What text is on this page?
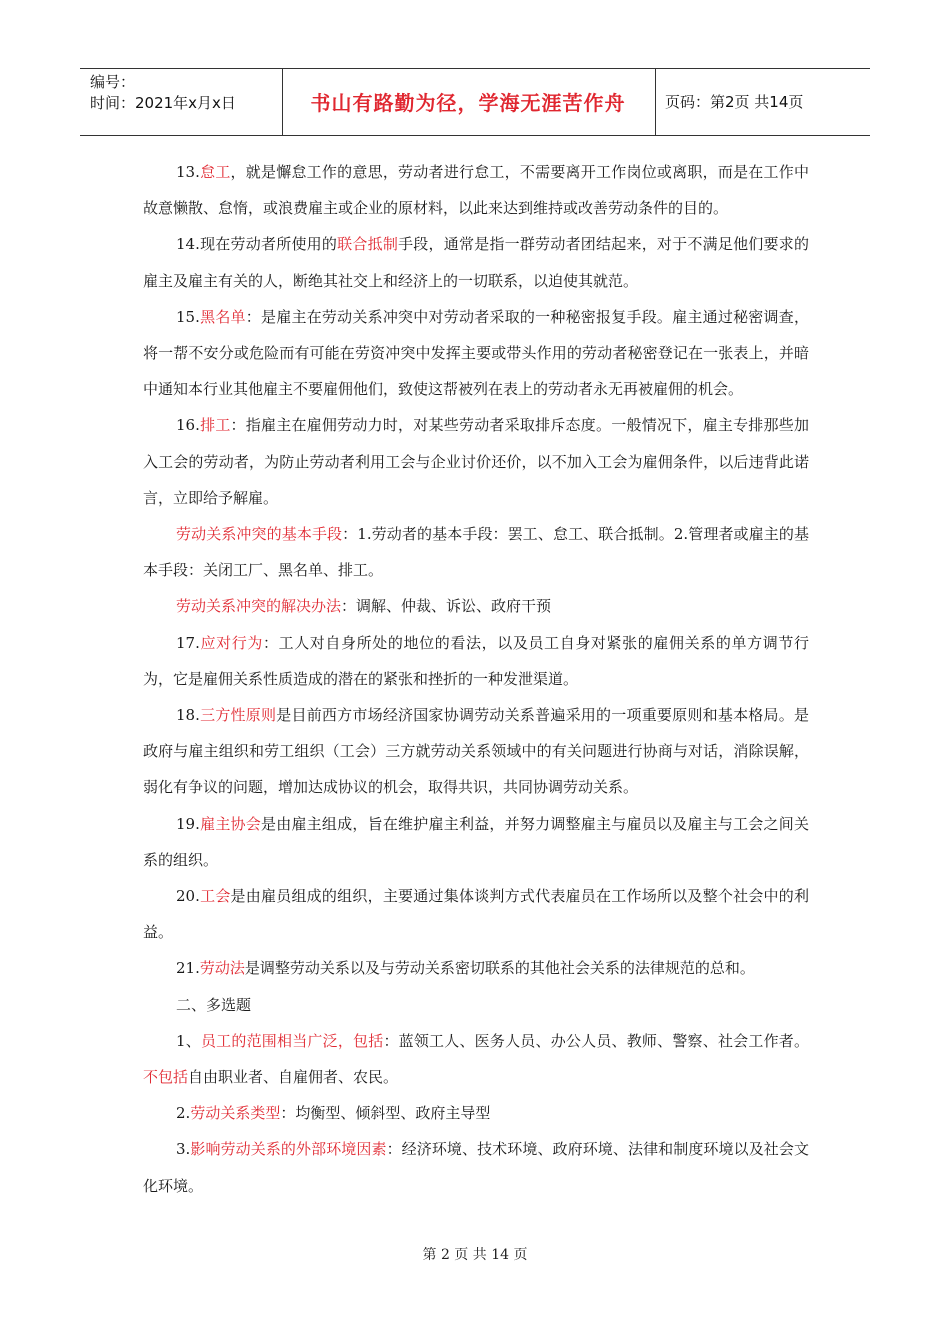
编号：
时间：2021年x月x日	书山有路勤为径，学海无涯苦作舟	页码：第2页 共14页

13.怠工，就是懈怠工作的意思，劳动者进行怠工，不需要离开工作岗位或离职，而是在工作中故意懒散、怠惰，或浪费雇主或企业的原材料，以此来达到维持或改善劳动条件的目的。

14.现在劳动者所使用的联合抵制手段，通常是指一群劳动者团结起来，对于不满足他们要求的雇主及雇主有关的人，断绝其社交上和经济上的一切联系，以迫使其就范。

15.黑名单：是雇主在劳动关系冲突中对劳动者采取的一种秘密报复手段。雇主通过秘密调查，将一帮不安分或危险而有可能在劳资冲突中发挥主要或带头作用的劳动者秘密登记在一张表上，并暗中通知本行业其他雇主不要雇佣他们，致使这帮被列在表上的劳动者永无再被雇佣的机会。

16.排工：指雇主在雇佣劳动力时，对某些劳动者采取排斥态度。一般情况下，雇主专排那些加入工会的劳动者，为防止劳动者利用工会与企业讨价还价，以不加入工会为雇佣条件，以后违背此诺言，立即给予解雇。

劳动关系冲突的基本手段：1.劳动者的基本手段：罢工、怠工、联合抵制。2.管理者或雇主的基本手段：关闭工厂、黑名单、排工。

劳动关系冲突的解决办法：调解、仲裁、诉讼、政府干预

17.应对行为：工人对自身所处的地位的看法，以及员工自身对紧张的雇佣关系的单方调节行为，它是雇佣关系性质造成的潜在的紧张和挫折的一种发泄渠道。

18.三方性原则是目前西方市场经济国家协调劳动关系普遍采用的一项重要原则和基本格局。是政府与雇主组织和劳工组织（工会）三方就劳动关系领域中的有关问题进行协商与对话，消除误解，弱化有争议的问题，增加达成协议的机会，取得共识，共同协调劳动关系。

19.雇主协会是由雇主组成，旨在维护雇主利益，并努力调整雇主与雇员以及雇主与工会之间关系的组织。

20.工会是由雇员组成的组织，主要通过集体谈判方式代表雇员在工作场所以及整个社会中的利益。

21.劳动法是调整劳动关系以及与劳动关系密切联系的其他社会关系的法律规范的总和。

二、多选题

1、员工的范围相当广泛，包括：蓝领工人、医务人员、办公人员、教师、警察、社会工作者。不包括自由职业者、自雇佣者、农民。

2.劳动关系类型：均衡型、倾斜型、政府主导型

3.影响劳动关系的外部环境因素：经济环境、技术环境、政府环境、法律和制度环境以及社会文化环境。

第 2 页 共 14 页
